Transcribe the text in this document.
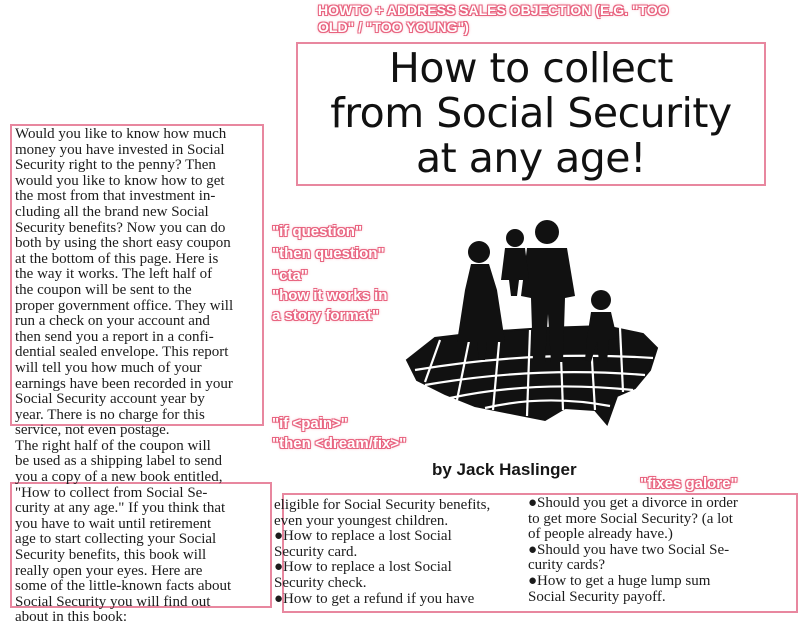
HOWTO + ADDRESS SALES OBJECTION (E.G. "TOO
OLD" / "TOO YOUNG")
How to collect
from Social Security
at any age!
Would you like to know how much
money you have invested in Social
Security right to the penny? Then
would you like to know how to get
the most from that investment in-
cluding all the brand new Social
Security benefits? Now you can do
both by using the short easy coupon
at the bottom of this page. Here is
the way it works. The left half of
the coupon will be sent to the
proper government office. They will
run a check on your account and
then send you a report in a confi-
dential sealed envelope. This report
will tell you how much of your
earnings have been recorded in your
Social Security account year by
year. There is no charge for this
service, not even postage.
The right half of the coupon will
be used as a shipping label to send
you a copy of a new book entitled,
"How to collect from Social Se-
curity at any age." If you think that
you have to wait until retirement
age to start collecting your Social
Security benefits, this book will
really open your eyes. Here are
some of the little-known facts about
Social Security you will find out
about in this book:
"if question"
"then question"
"cta"
"how it works in
a story format"
"if <pain>"
"then <dream/fix>"
"fixes galore"
by Jack Haslinger
eligible for Social Security benefits,
even your youngest children.
●How to replace a lost Social
Security card.
●How to replace a lost Social
Security check.
●How to get a refund if you have
●Should you get a divorce in order
to get more Social Security? (a lot
of people already have.)
●Should you have two Social Se-
curity cards?
●How to get a huge lump sum
Social Security payoff.
